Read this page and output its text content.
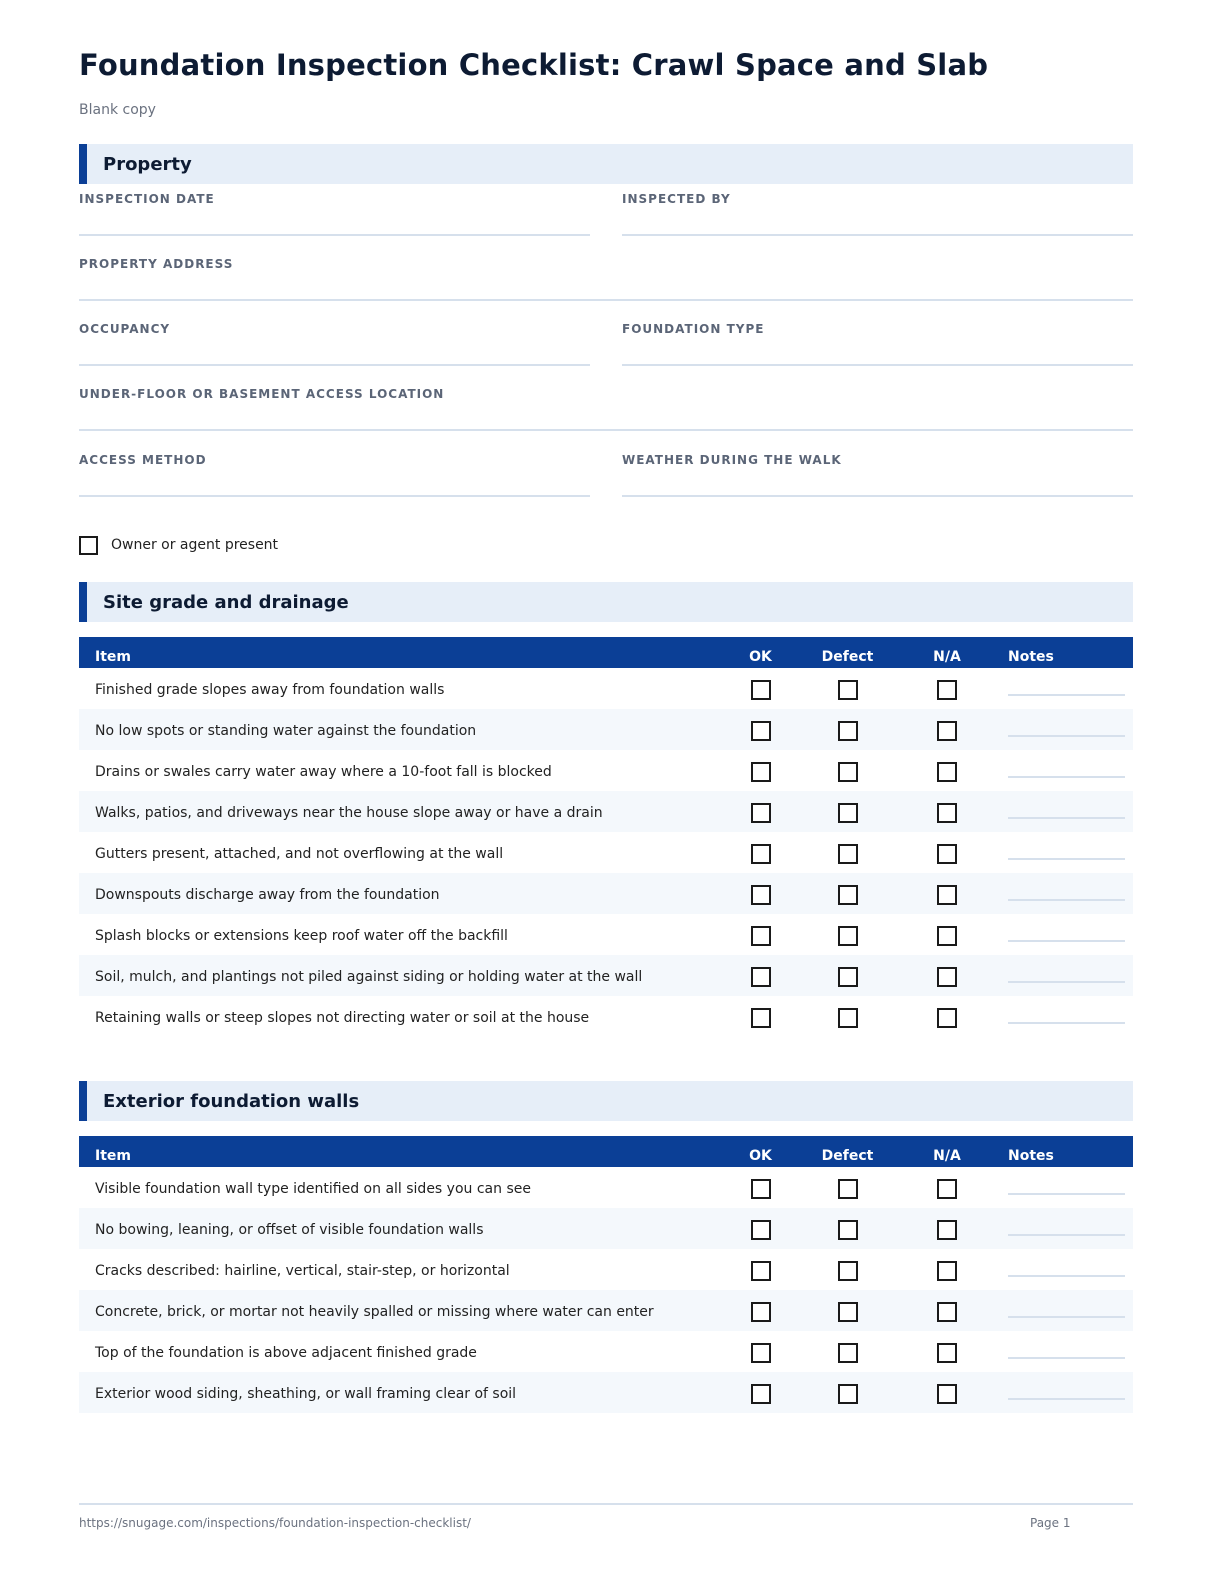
Foundation Inspection Checklist: Crawl Space and Slab
Blank copy
Property
INSPECTION DATE	INSPECTED BY
PROPERTY ADDRESS
OCCUPANCY	FOUNDATION TYPE
UNDER-FLOOR OR BASEMENT ACCESS LOCATION
ACCESS METHOD	WEATHER DURING THE WALK
Owner or agent present
Site grade and drainage
Item	OK	Defect	N/A	Notes
Finished grade slopes away from foundation walls	

No low spots or standing water against the foundation	

Drains or swales carry water away where a 10-foot fall is blocked	

Walks, patios, and driveways near the house slope away or have a drain	

Gutters present, attached, and not overflowing at the wall	

Downspouts discharge away from the foundation	

Splash blocks or extensions keep roof water off the backfill	

Soil, mulch, and plantings not piled against siding or holding water at the wall	

Retaining walls or steep slopes not directing water or soil at the house	

Exterior foundation walls
Item	OK	Defect	N/A	Notes
Visible foundation wall type identified on all sides you can see	

No bowing, leaning, or offset of visible foundation walls	

Cracks described: hairline, vertical, stair-step, or horizontal	

Concrete, brick, or mortar not heavily spalled or missing where water can enter	

Top of the foundation is above adjacent finished grade	

Exterior wood siding, sheathing, or wall framing clear of soil	

https://snugage.com/inspections/foundation-inspection-checklist/	Page 1
